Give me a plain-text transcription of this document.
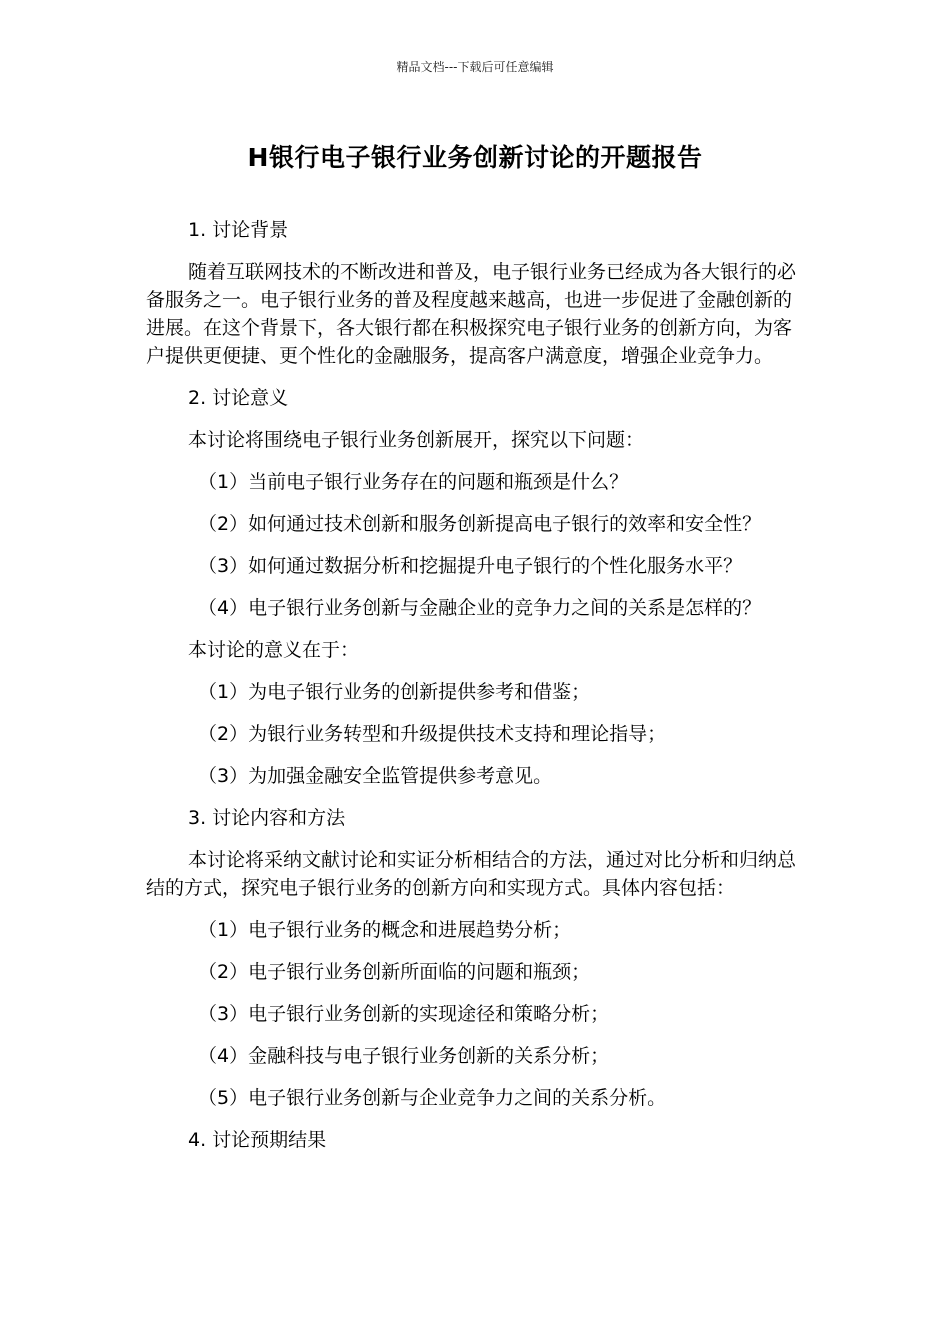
精品文档---下载后可任意编辑
H银行电子银行业务创新讨论的开题报告

1. 讨论背景

随着互联网技术的不断改进和普及，电子银行业务已经成为各大银行的必备服务之一。电子银行业务的普及程度越来越高，也进一步促进了金融创新的进展。在这个背景下，各大银行都在积极探究电子银行业务的创新方向，为客户提供更便捷、更个性化的金融服务，提高客户满意度，增强企业竞争力。

2. 讨论意义

本讨论将围绕电子银行业务创新展开，探究以下问题：

（1）当前电子银行业务存在的问题和瓶颈是什么？

（2）如何通过技术创新和服务创新提高电子银行的效率和安全性？

（3）如何通过数据分析和挖掘提升电子银行的个性化服务水平？

（4）电子银行业务创新与金融企业的竞争力之间的关系是怎样的？

本讨论的意义在于：

（1）为电子银行业务的创新提供参考和借鉴；

（2）为银行业务转型和升级提供技术支持和理论指导；

（3）为加强金融安全监管提供参考意见。

3. 讨论内容和方法

本讨论将采纳文献讨论和实证分析相结合的方法，通过对比分析和归纳总结的方式，探究电子银行业务的创新方向和实现方式。具体内容包括：

（1）电子银行业务的概念和进展趋势分析；

（2）电子银行业务创新所面临的问题和瓶颈；

（3）电子银行业务创新的实现途径和策略分析；

（4）金融科技与电子银行业务创新的关系分析；

（5）电子银行业务创新与企业竞争力之间的关系分析。

4. 讨论预期结果
